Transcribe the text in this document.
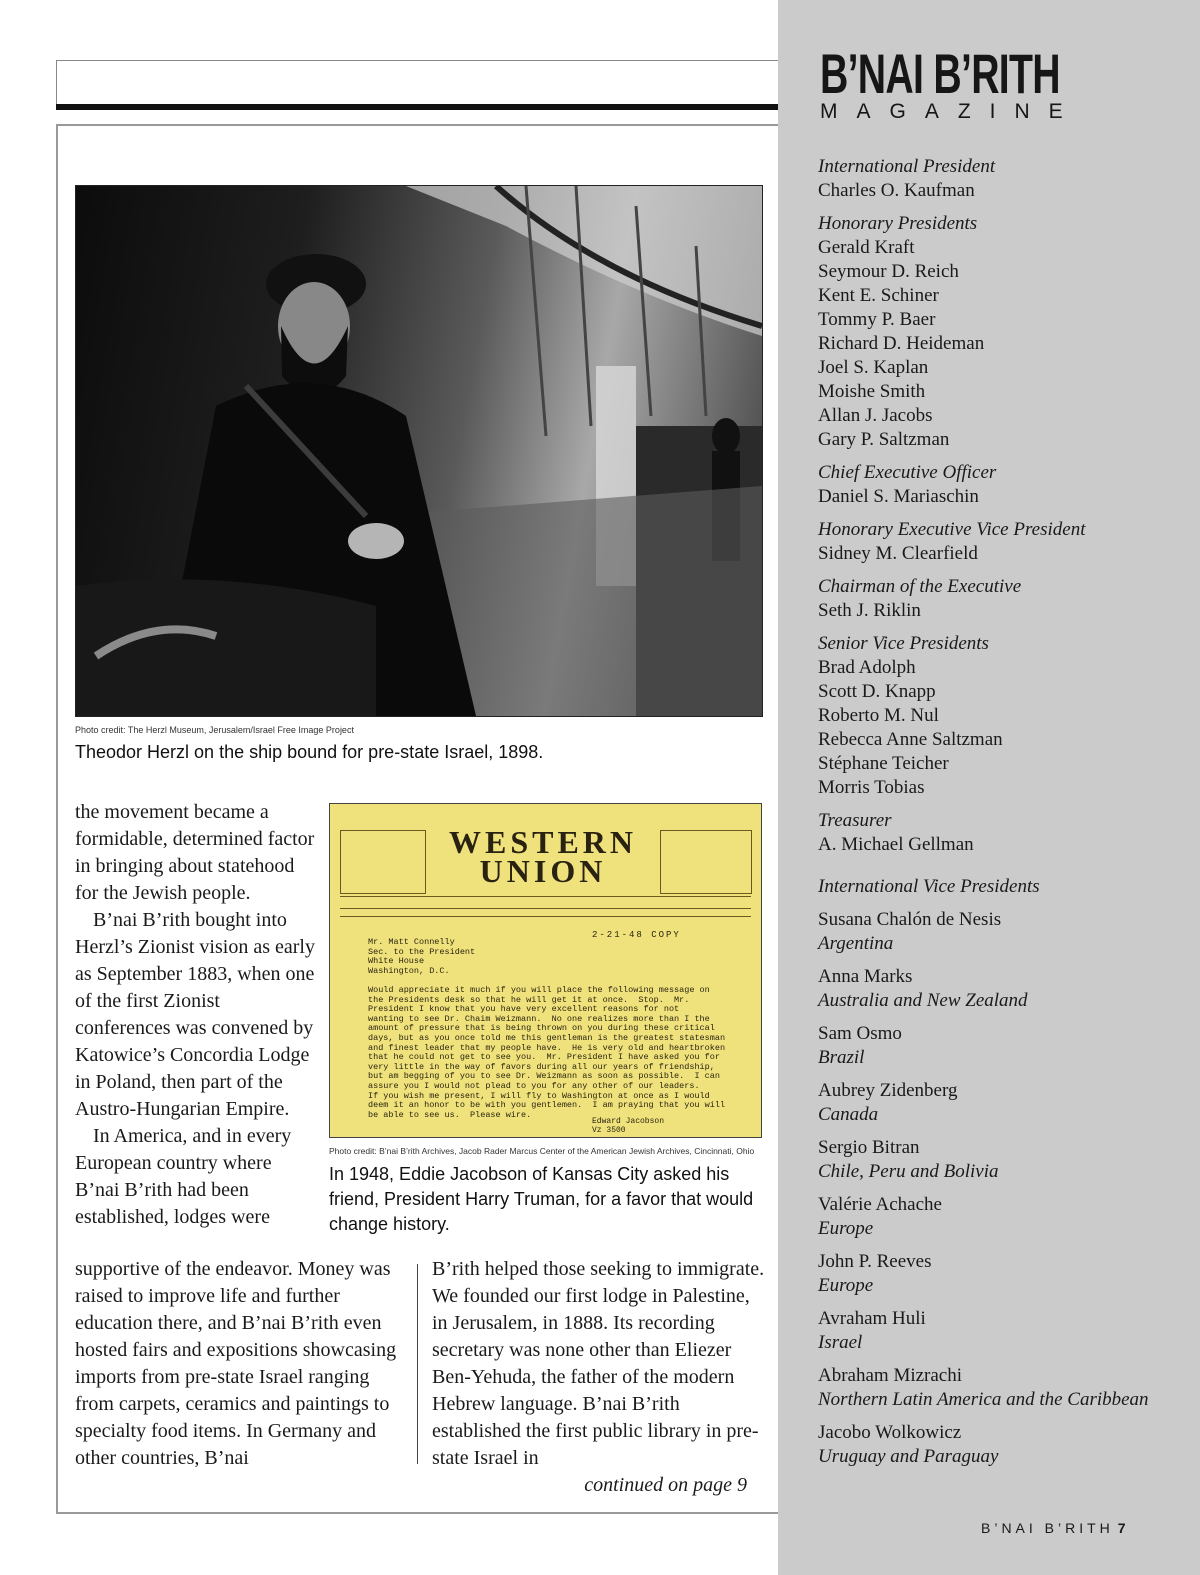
Photo credit: The Herzl Museum, Jerusalem/Israel Free Image Project
Theodor Herzl on the ship bound for pre-state Israel, 1898.
WESTERN
UNION
2-21-48 COPY
Mr. Matt Connelly
Sec. to the President
White House
Washington, D.C.

Would appreciate it much if you will place the following message on
the Presidents desk so that he will get it at once.  Stop.  Mr.
President I know that you have very excellent reasons for not
wanting to see Dr. Chaim Weizmann.  No one realizes more than I the
amount of pressure that is being thrown on you during these critical
days, but as you once told me this gentleman is the greatest statesman
and finest leader that my people have.  He is very old and heartbroken
that he could not get to see you.  Mr. President I have asked you for
very little in the way of favors during all our years of friendship,
but am begging of you to see Dr. Weizmann as soon as possible.  I can
assure you I would not plead to you for any other of our leaders.
If you wish me present, I will fly to Washington at once as I would
deem it an honor to be with you gentlemen.  I am praying that you will
be able to see us.  Please wire.
Edward Jacobson
Vz 3500
Photo credit: B’nai B’rith Archives, Jacob Rader Marcus Center of the American Jewish Archives, Cincinnati, Ohio
In 1948, Eddie Jacobson of Kansas City asked his friend, President Harry Truman, for a favor that would change history.
the movement became a formidable, determined factor in bringing about statehood for the Jewish people.
B’nai B’rith bought into Herzl’s Zionist vision as early as September 1883, when one of the first Zionist conferences was convened by Katowice’s Concordia Lodge in Poland, then part of the Austro-Hungarian Empire.
In America, and in every European country where B’nai B’rith had been established, lodges were
supportive of the endeavor. Money was raised to improve life and further education there, and B’nai B’rith even hosted fairs and expositions showcasing imports from pre-state Israel ranging from carpets, ceramics and paintings to specialty food items. In Germany and other countries, B’nai
B’rith helped those seeking to immigrate. We founded our first lodge in Palestine, in Jerusalem, in 1888. Its recording secretary was none other than Eliezer Ben-Yehuda, the father of the modern Hebrew language. B’nai B’rith established the first public library in pre-state Israel in
continued on page 9
B’NAI B’RITH
MAGAZINE
International President
Charles O. Kaufman
Honorary Presidents
Gerald Kraft
Seymour D. Reich
Kent E. Schiner
Tommy P. Baer
Richard D. Heideman
Joel S. Kaplan
Moishe Smith
Allan J. Jacobs
Gary P. Saltzman
Chief Executive Officer
Daniel S. Mariaschin
Honorary Executive Vice President
Sidney M. Clearfield
Chairman of the Executive
Seth J. Riklin
Senior Vice Presidents
Brad Adolph
Scott D. Knapp
Roberto M. Nul
Rebecca Anne Saltzman
Stéphane Teicher
Morris Tobias
Treasurer
A. Michael Gellman
International Vice Presidents
Susana Chalón de Nesis
Argentina
Anna Marks
Australia and New Zealand
Sam Osmo
Brazil
Aubrey Zidenberg
Canada
Sergio Bitran
Chile, Peru and Bolivia
Valérie Achache
Europe
John P. Reeves
Europe
Avraham Huli
Israel
Abraham Mizrachi
Northern Latin America and the Caribbean
Jacobo Wolkowicz
Uruguay and Paraguay
B’NAI B’RITH 7
